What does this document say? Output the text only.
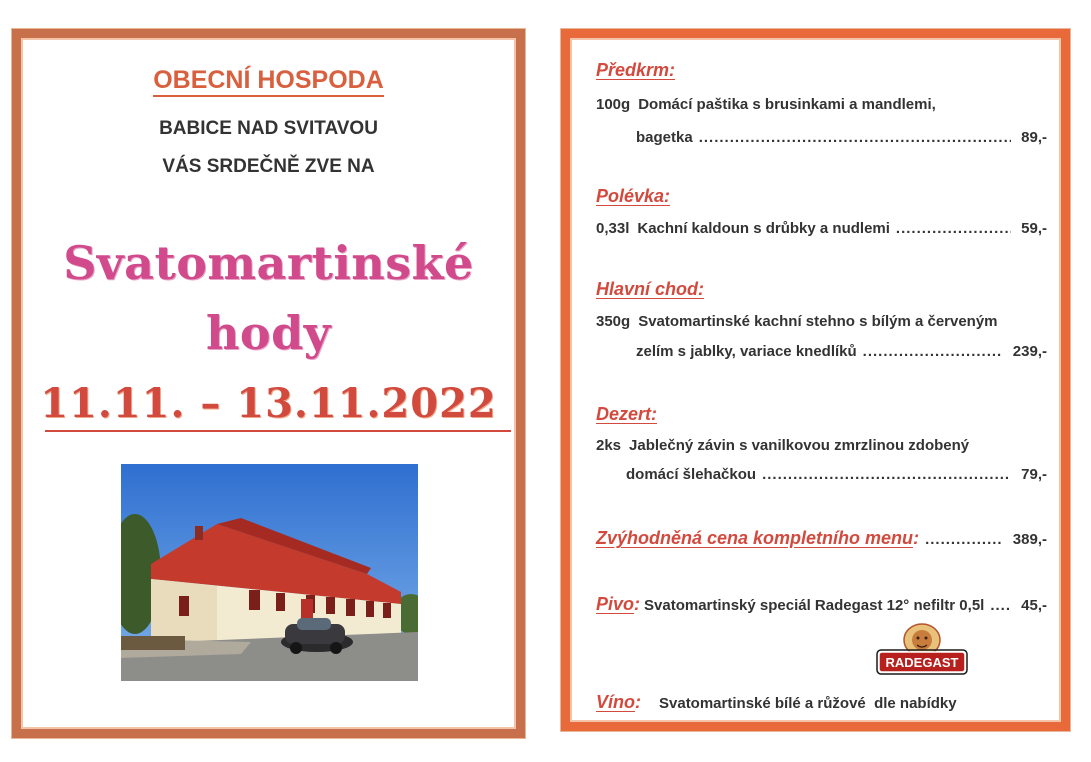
OBECNÍ HOSPODA
BABICE NAD SVITAVOU
VÁS SRDEČNĚ ZVE NA
Svatomartinské
hody
11.11. – 13.11.2022
Předkrm:
100g Domácí paštika s brusinkami a mandlemi,
bagetka .....	89,-
Polévka:
0,33l Kachní kaldoun s drůbky a nudlemi .....	59,-
Hlavní chod:
350g Svatomartinské kachní stehno s bílým a červeným
zelím s jablky, variace knedlíků .....	239,-
Dezert:
2ks Jablečný závin s vanilkovou zmrzlinou zdobený
domácí šlehačkou .....	79,-
Zvýhodněná cena kompletního menu : .....	389,-
Pivo : Svatomartinský speciál Radegast 12° nefiltr 0,5l ..... 45,-
RADEGAST
Víno: Svatomartinské bílé a růžové  dle nabídky
